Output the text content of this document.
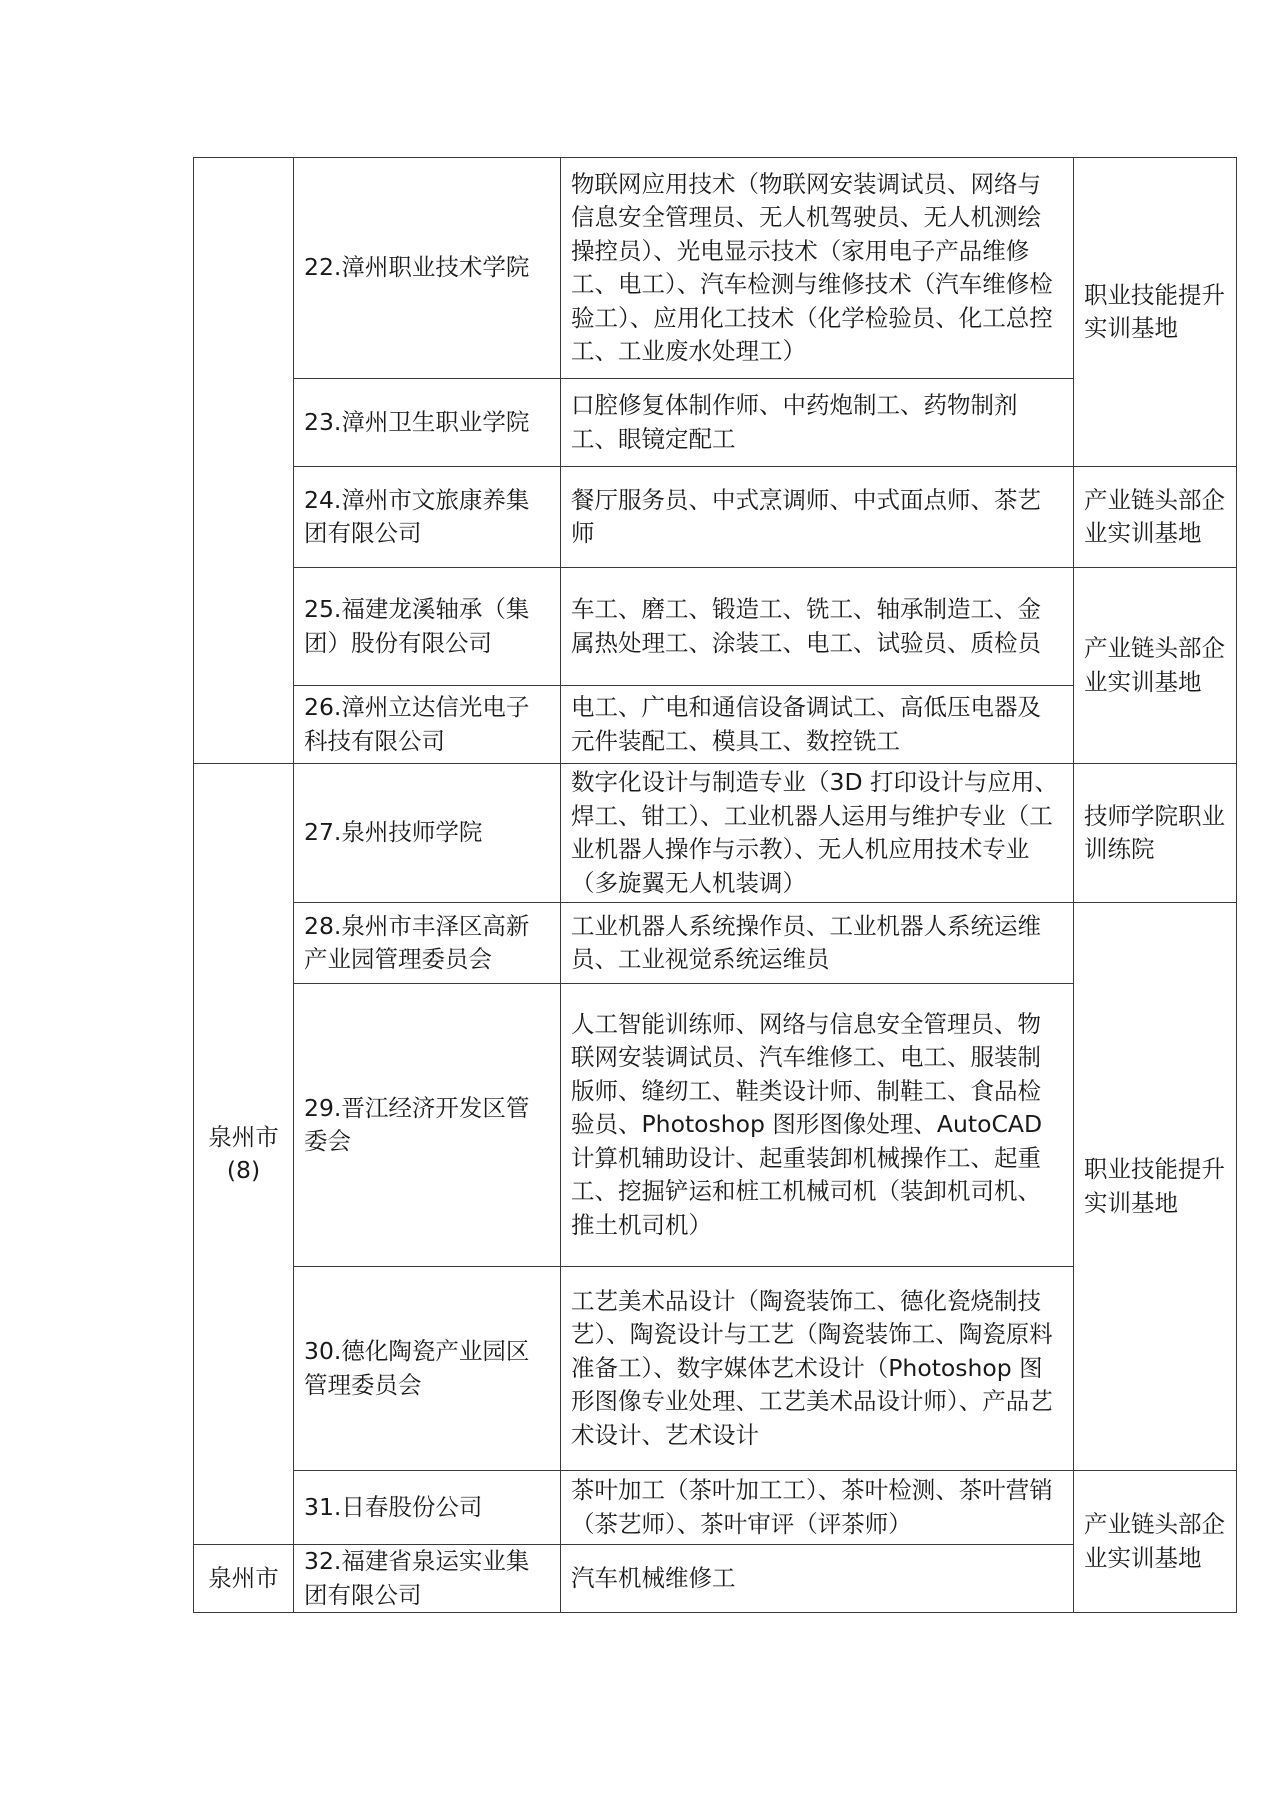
	22.漳州职业技术学院	物联网应用技术（物联网安装调试员、网络与信息安全管理员、无人机驾驶员、无人机测绘操控员）、光电显示技术（家用电子产品维修工、电工）、汽车检测与维修技术（汽车维修检验工）、应用化工技术（化学检验员、化工总控工、工业废水处理工）	职业技能提升实训基地
	23.漳州卫生职业学院	口腔修复体制作师、中药炮制工、药物制剂工、眼镜定配工	
	24.漳州市文旅康养集团有限公司	餐厅服务员、中式烹调师、中式面点师、茶艺师	产业链头部企业实训基地
	25.福建龙溪轴承（集团）股份有限公司	车工、磨工、锻造工、铣工、轴承制造工、金属热处理工、涂装工、电工、试验员、质检员	产业链头部企业实训基地
	26.漳州立达信光电子科技有限公司	电工、广电和通信设备调试工、高低压电器及元件装配工、模具工、数控铣工	
泉州市(8)	27.泉州技师学院	数字化设计与制造专业（3D 打印设计与应用、焊工、钳工）、工业机器人运用与维护专业（工业机器人操作与示教）、无人机应用技术专业（多旋翼无人机装调）	技师学院职业训练院
	28.泉州市丰泽区高新产业园管理委员会	工业机器人系统操作员、工业机器人系统运维员、工业视觉系统运维员	职业技能提升实训基地
	29.晋江经济开发区管委会	人工智能训练师、网络与信息安全管理员、物联网安装调试员、汽车维修工、电工、服装制版师、缝纫工、鞋类设计师、制鞋工、食品检验员、Photoshop 图形图像处理、AutoCAD 计算机辅助设计、起重装卸机械操作工、起重工、挖掘铲运和桩工机械司机（装卸机司机、推土机司机）	
	30.德化陶瓷产业园区管理委员会	工艺美术品设计（陶瓷装饰工、德化瓷烧制技艺）、陶瓷设计与工艺（陶瓷装饰工、陶瓷原料准备工）、数字媒体艺术设计（Photoshop 图形图像专业处理、工艺美术品设计师）、产品艺术设计、艺术设计	
	31.日春股份公司	茶叶加工（茶叶加工工）、茶叶检测、茶叶营销（茶艺师）、茶叶审评（评茶师）	产业链头部企业实训基地
泉州市	32.福建省泉运实业集团有限公司	汽车机械维修工	
